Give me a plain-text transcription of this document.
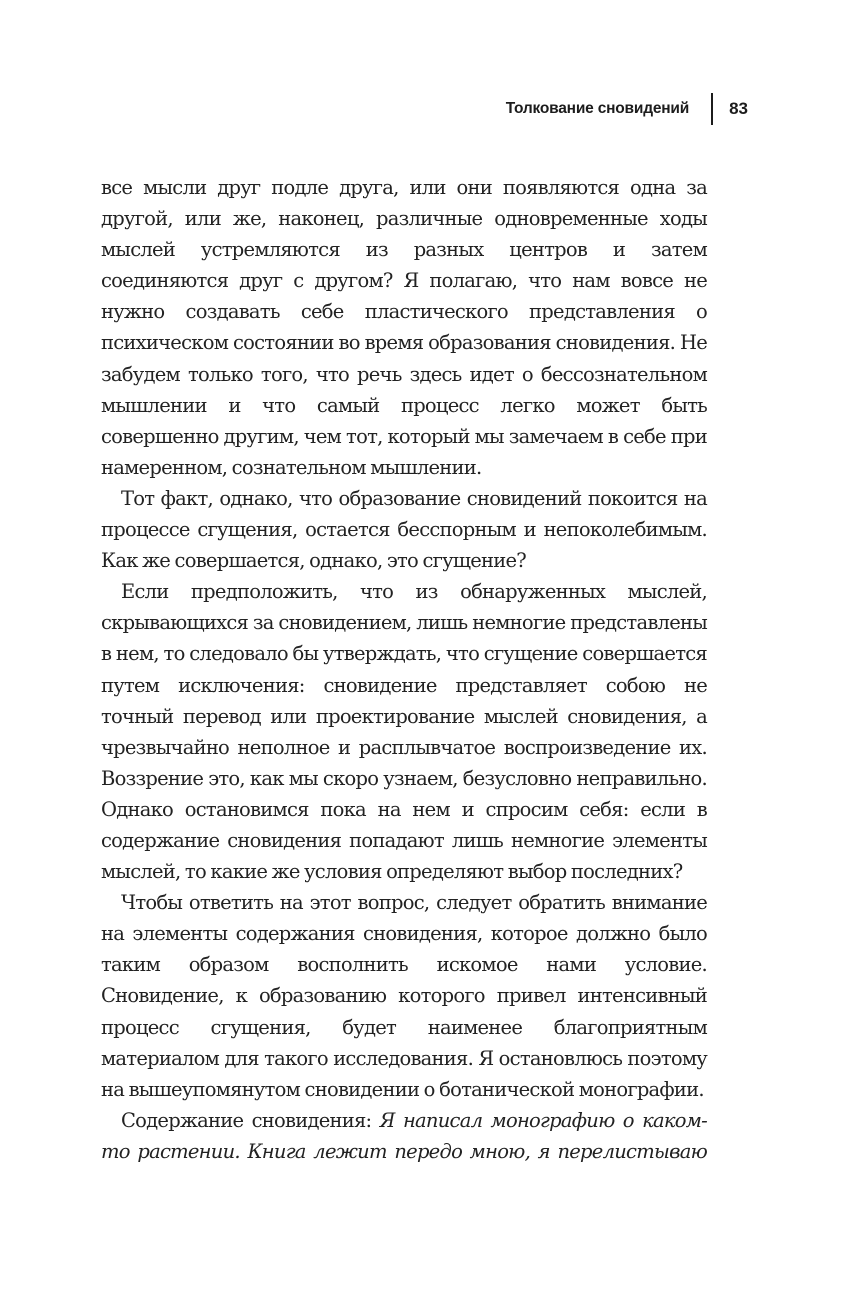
Толкование сновидений 83

все мысли друг подле друга, или они появляются одна за другой, или же, наконец, различные одновременные ходы мыслей устремляются из разных центров и затем соединяются друг с другом? Я полагаю, что нам вовсе не нужно создавать себе пластического представления о психическом состоянии во время образования сновидения. Не забудем только того, что речь здесь идет о бессознательном мышлении и что самый процесс легко может быть совершенно другим, чем тот, который мы замечаем в себе при намеренном, сознательном мышлении.

Тот факт, однако, что образование сновидений покоится на процессе сгущения, остается бесспорным и непоколебимым. Как же совершается, однако, это сгущение?

Если предположить, что из обнаруженных мыслей, скрывающихся за сновидением, лишь немногие представлены в нем, то следовало бы утверждать, что сгущение совершается путем исключения: сновидение представляет собою не точный перевод или проектирование мыслей сновидения, а чрезвычайно неполное и расплывчатое воспроизведение их. Воззрение это, как мы скоро узнаем, безусловно неправильно. Однако остановимся пока на нем и спросим себя: если в содержание сновидения попадают лишь немногие элементы мыслей, то какие же условия определяют выбор последних?

Чтобы ответить на этот вопрос, следует обратить внимание на элементы содержания сновидения, которое должно было таким образом восполнить искомое нами условие. Сновидение, к образованию которого привел интенсивный процесс сгущения, будет наименее благоприятным материалом для такого исследования. Я остановлюсь поэтому на вышеупомянутом сновидении о ботанической монографии.

Содержание сновидения: Я написал монографию о каком-то растении. Книга лежит передо мною, я перелистываю
